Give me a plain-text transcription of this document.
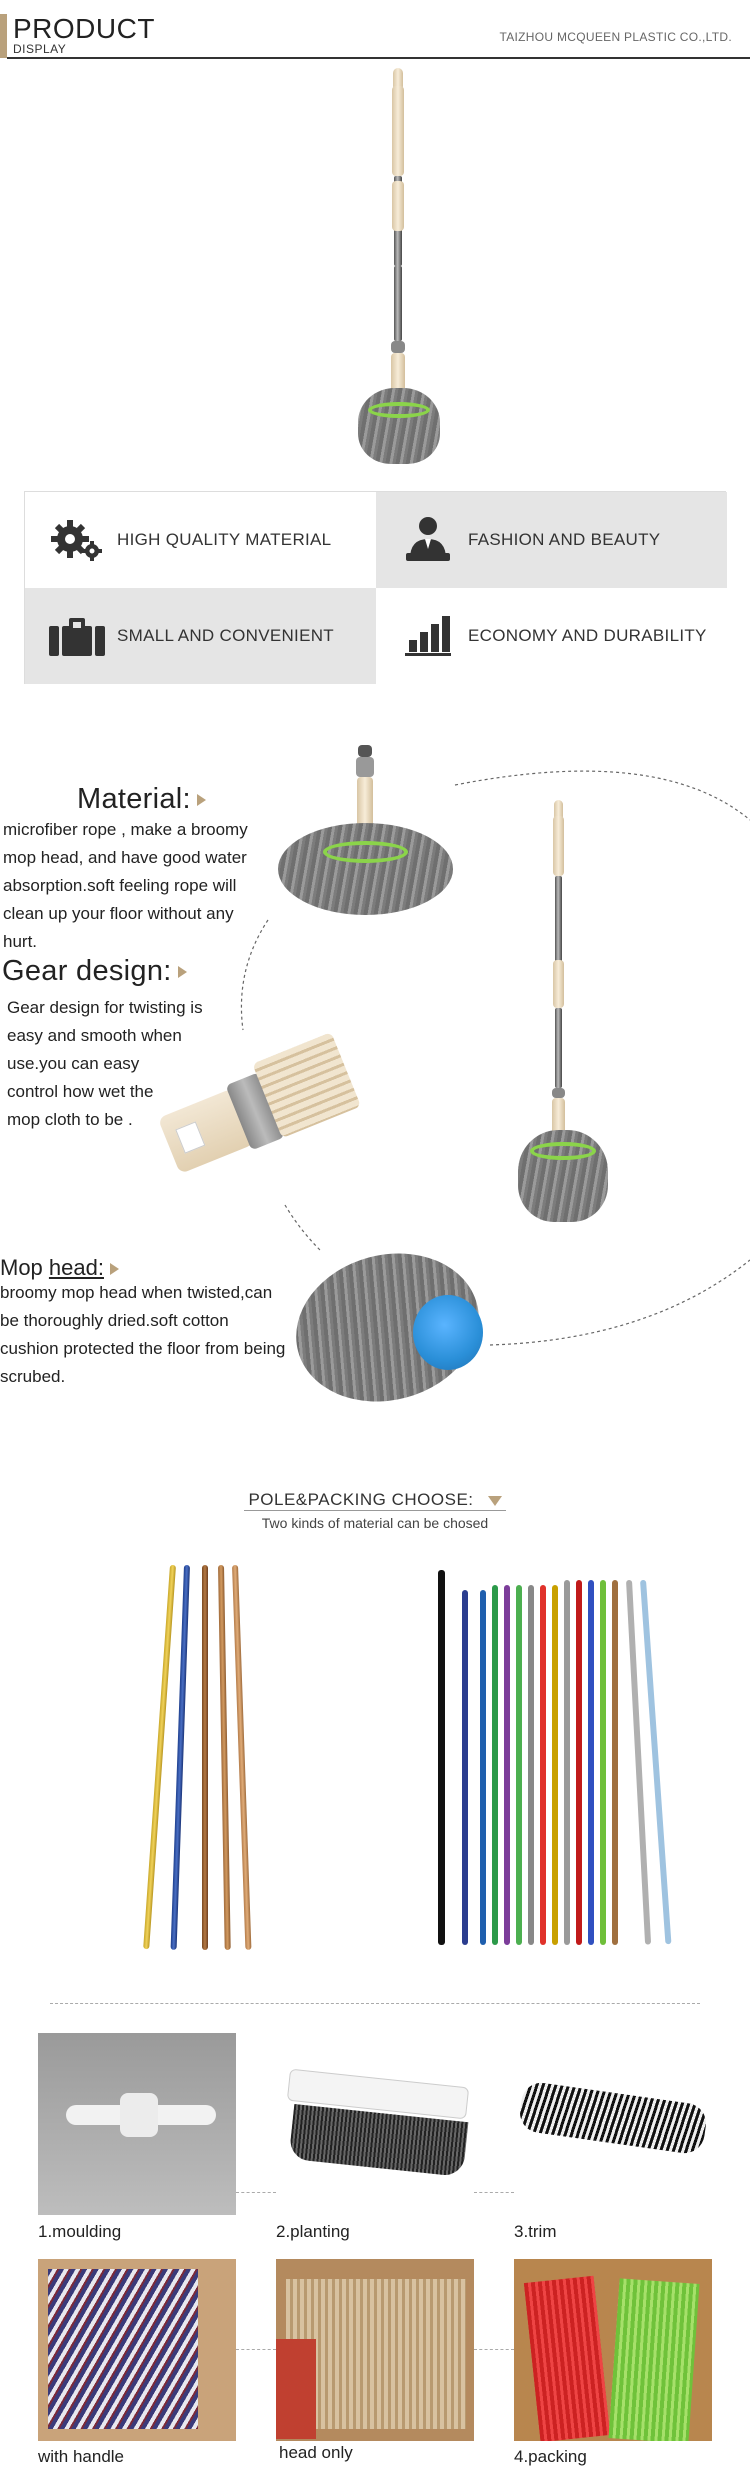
PRODUCT
DISPLAY
TAIZHOU MCQUEEN PLASTIC CO.,LTD.
HIGH QUALITY MATERIAL	FASHION AND BEAUTY
SMALL AND CONVENIENT	ECONOMY AND DURABILITY
Material:
microfiber rope , make a broomy
mop head, and have good water
absorption.soft feeling rope will
clean up your floor without any
hurt.
Gear design:
Gear design for twisting is
easy and smooth when
use.you can easy
control how wet the
mop cloth to be .
Mop head:
broomy mop head when twisted,can
be thoroughly dried.soft cotton
cushion protected the floor from being
scrubed.
POLE&PACKING CHOOSE:
Two kinds of material can be chosed
1.moulding	2.planting	3.trim
with handle	head only	4.packing
